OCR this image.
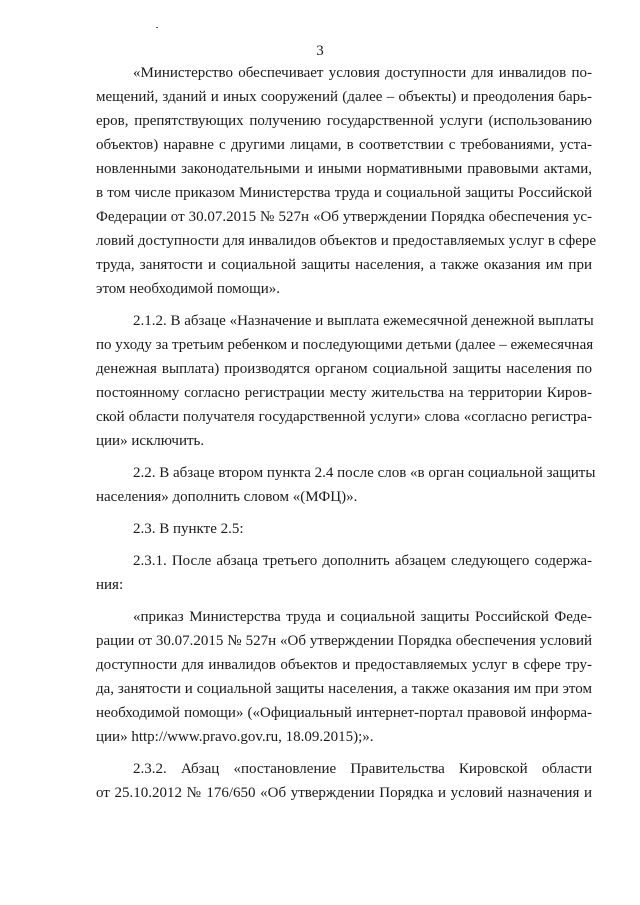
3
«Министерство обеспечивает условия доступности для инвалидов по-
мещений, зданий и иных сооружений (далее – объекты) и преодоления барь-
еров, препятствующих получению государственной услуги (использованию
объектов) наравне с другими лицами, в соответствии с требованиями, уста-
новленными законодательными и иными нормативными правовыми актами,
в том числе приказом Министерства труда и социальной защиты Российской
Федерации от 30.07.2015 № 527н «Об утверждении Порядка обеспечения ус-
ловий доступности для инвалидов объектов и предоставляемых услуг в сфере
труда, занятости и социальной защиты населения, а также оказания им при
этом необходимой помощи».
2.1.2. В абзаце «Назначение и выплата ежемесячной денежной выплаты
по уходу за третьим ребенком и последующими детьми (далее – ежемесячная
денежная выплата) производятся органом социальной защиты населения по
постоянному согласно регистрации месту жительства на территории Киров-
ской области получателя государственной услуги» слова «согласно регистра-
ции» исключить.
2.2. В абзаце втором пункта 2.4 после слов «в орган социальной защиты
населения» дополнить словом «(МФЦ)».
2.3. В пункте 2.5:
2.3.1. После абзаца третьего дополнить абзацем следующего содержа-
ния:
«приказ Министерства труда и социальной защиты Российской Феде-
рации от 30.07.2015 № 527н «Об утверждении Порядка обеспечения условий
доступности для инвалидов объектов и предоставляемых услуг в сфере тру-
да, занятости и социальной защиты населения, а также оказания им при этом
необходимой помощи» («Официальный интернет-портал правовой информа-
ции» http://www.pravo.gov.ru, 18.09.2015);».
2.3.2. Абзац «постановление Правительства Кировской области
от 25.10.2012 № 176/650 «Об утверждении Порядка и условий назначения и
